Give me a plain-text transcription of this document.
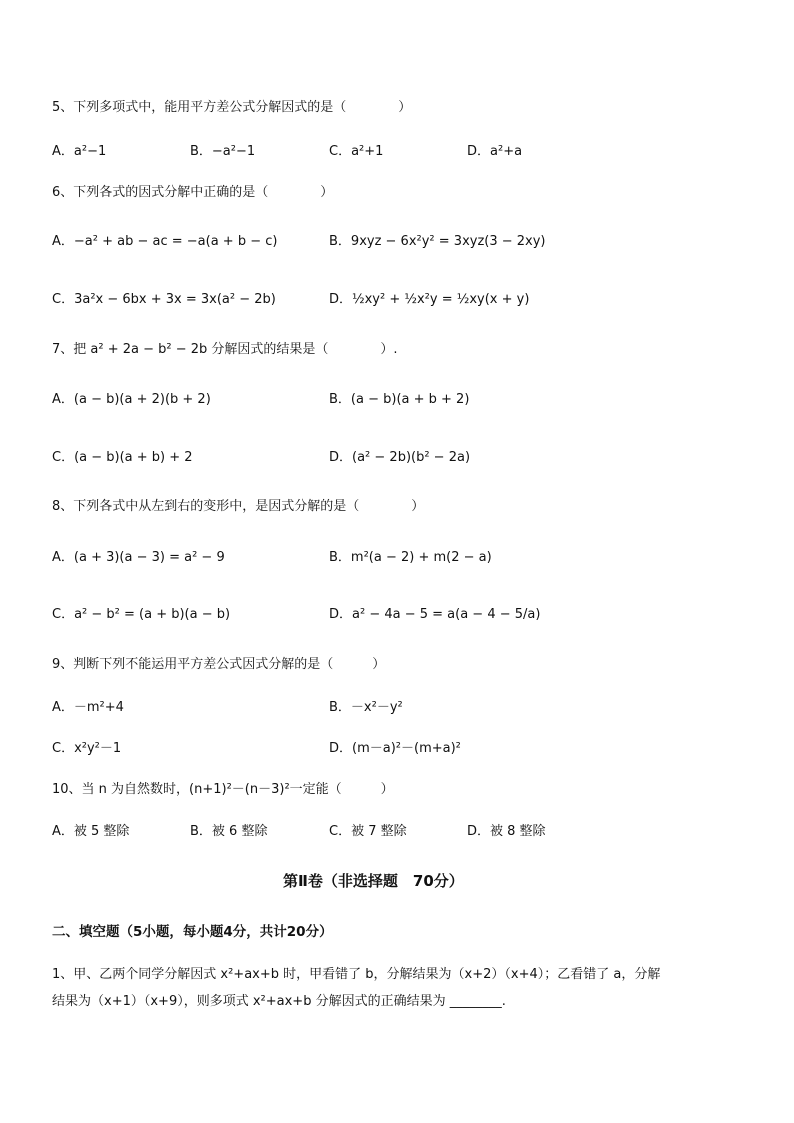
5、下列多项式中，能用平方差公式分解因式的是（　　　　）
A．a²−1	B．−a²−1	C．a²+1	D．a²+a
6、下列各式的因式分解中正确的是（　　　　）
A．−a² + ab − ac = −a(a + b − c)	B．9xyz − 6x²y² = 3xyz(3 − 2xy)
C．3a²x − 6bx + 3x = 3x(a² − 2b)	D．½xy² + ½x²y = ½xy(x + y)
7、把 a² + 2a − b² − 2b 分解因式的结果是（　　　　）.
A．(a − b)(a + 2)(b + 2)	B．(a − b)(a + b + 2)
C．(a − b)(a + b) + 2	D．(a² − 2b)(b² − 2a)
8、下列各式中从左到右的变形中，是因式分解的是（　　　　）
A．(a + 3)(a − 3) = a² − 9	B．m²(a − 2) + m(2 − a)
C．a² − b² = (a + b)(a − b)	D．a² − 4a − 5 = a(a − 4 − 5/a)
9、判断下列不能运用平方差公式因式分解的是（　　　）
A．－m²+4	B．－x²－y²
C．x²y²－1	D．(m－a)²－(m+a)²
10、当 n 为自然数时，(n+1)²－(n－3)²一定能（　　　）
A．被 5 整除	B．被 6 整除	C．被 7 整除	D．被 8 整除
第Ⅱ卷（非选择题　70分）
二、填空题（5小题，每小题4分，共计20分）
1、甲、乙两个同学分解因式 x²+ax+b 时，甲看错了 b，分解结果为（x+2）（x+4）；乙看错了 a，分解
结果为（x+1）（x+9），则多项式 x²+ax+b 分解因式的正确结果为 ________.
